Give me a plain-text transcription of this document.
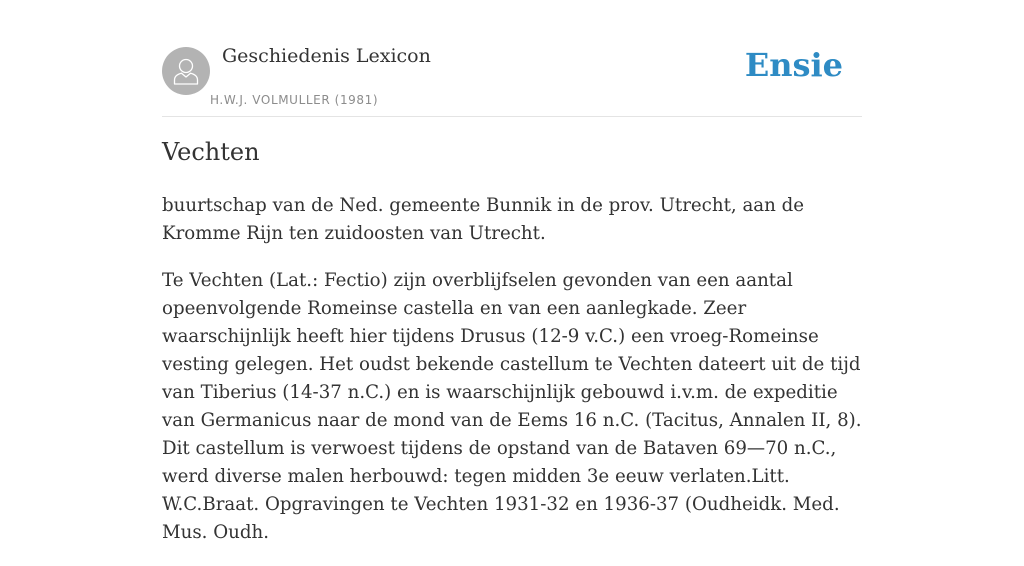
Geschiedenis Lexicon
H.W.J. VOLMULLER (1981)
Ensie
Vechten

buurtschap van de Ned. gemeente Bunnik in de prov. Utrecht, aan de Kromme Rijn ten zuidoosten van Utrecht.

Te Vechten (Lat.: Fectio) zijn overblijfselen gevonden van een aantal opeenvolgende Romeinse castella en van een aanlegkade. Zeer waarschijnlijk heeft hier tijdens Drusus (12-9 v.C.) een vroeg-Romeinse vesting gelegen. Het oudst bekende castellum te Vechten dateert uit de tijd van Tiberius (14-37 n.C.) en is waarschijnlijk gebouwd i.v.m. de expeditie van Germanicus naar de mond van de Eems 16 n.C. (Tacitus, Annalen II, 8). Dit castellum is verwoest tijdens de opstand van de Bataven 69—70 n.C., werd diverse malen herbouwd: tegen midden 3e eeuw verlaten.Litt. W.C.Braat. Opgravingen te Vechten 1931-32 en 1936-37 (Oudheidk. Med. Mus. Oudh.
